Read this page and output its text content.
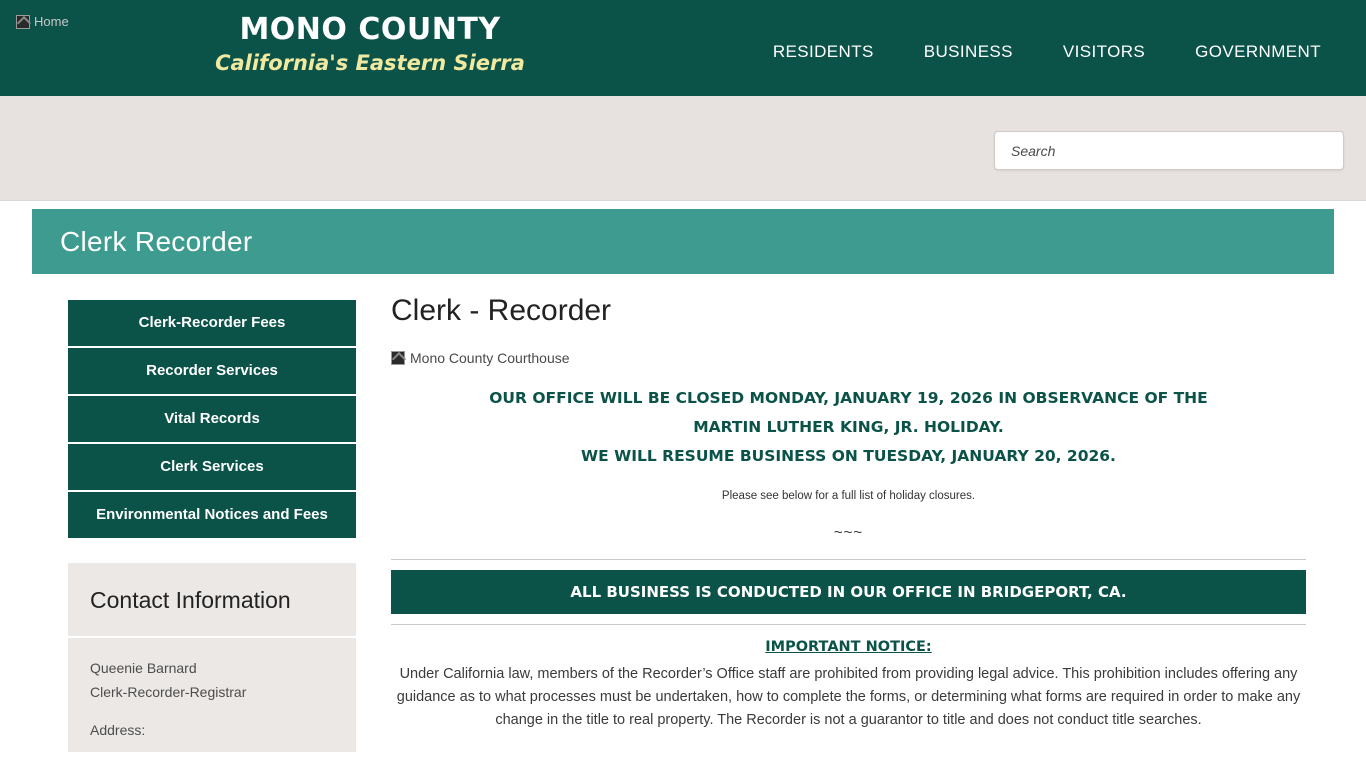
Home	MONO COUNTY
California's Eastern Sierra	RESIDENTS	BUSINESS	VISITORS	GOVERNMENT
Search
Clerk Recorder
Clerk-Recorder Fees
Recorder Services
Vital Records
Clerk Services
Environmental Notices and Fees
Contact Information
Queenie Barnard
Clerk-Recorder-Registrar
Address:
Clerk - Recorder
Mono County Courthouse
OUR OFFICE WILL BE CLOSED MONDAY, JANUARY 19, 2026 IN OBSERVANCE OF THE
MARTIN LUTHER KING, JR. HOLIDAY.
WE WILL RESUME BUSINESS ON TUESDAY, JANUARY 20, 2026.
Please see below for a full list of holiday closures.
~~~
ALL BUSINESS IS CONDUCTED IN OUR OFFICE IN BRIDGEPORT, CA.
IMPORTANT NOTICE:
Under California law, members of the Recorder’s Office staff are prohibited from providing legal advice. This prohibition includes offering any guidance as to what processes must be undertaken, how to complete the forms, or determining what forms are required in order to make any change in the title to real property. The Recorder is not a guarantor to title and does not conduct title searches.
